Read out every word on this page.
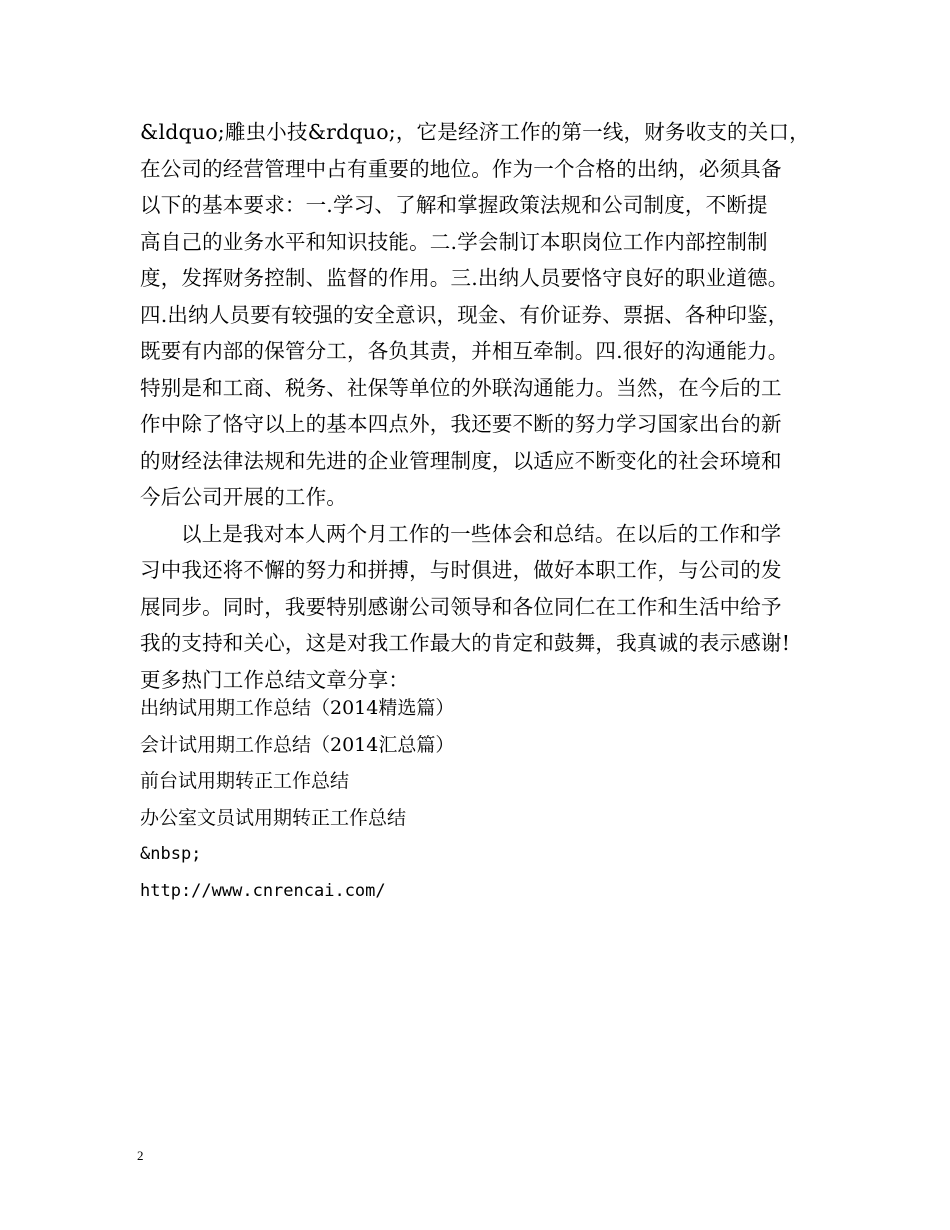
&ldquo;雕虫小技&rdquo;，它是经济工作的第一线，财务收支的关口，
在公司的经营管理中占有重要的地位。作为一个合格的出纳，必须具备
以下的基本要求：一.学习、了解和掌握政策法规和公司制度，不断提
高自己的业务水平和知识技能。二.学会制订本职岗位工作内部控制制
度，发挥财务控制、监督的作用。三.出纳人员要恪守良好的职业道德。
四.出纳人员要有较强的安全意识，现金、有价证券、票据、各种印鉴，
既要有内部的保管分工，各负其责，并相互牵制。四.很好的沟通能力。
特别是和工商、税务、社保等单位的外联沟通能力。当然，在今后的工
作中除了恪守以上的基本四点外，我还要不断的努力学习国家出台的新
的财经法律法规和先进的企业管理制度，以适应不断变化的社会环境和
今后公司开展的工作。
以上是我对本人两个月工作的一些体会和总结。在以后的工作和学
习中我还将不懈的努力和拼搏，与时俱进，做好本职工作，与公司的发
展同步。同时，我要特别感谢公司领导和各位同仁在工作和生活中给予
我的支持和关心，这是对我工作最大的肯定和鼓舞，我真诚的表示感谢!
更多热门工作总结文章分享：
出纳试用期工作总结（2014精选篇）
会计试用期工作总结（2014汇总篇）
前台试用期转正工作总结
办公室文员试用期转正工作总结
&nbsp;
http://www.cnrencai.com/
2
